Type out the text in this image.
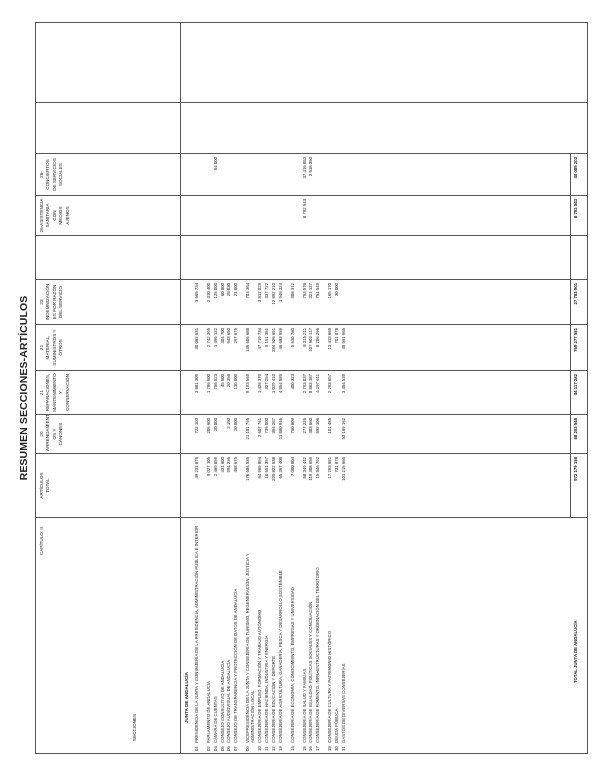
RESUMEN SECCIONES-ARTÍCULOS
CAPÍTULO: II
SECCIONES
ARTÍCULOS TOTAL
20 ARRENDAMIENT OS Y CÁNONES
21 REPARACIONES, MANTENIMIENTO Y CONSERVACIÓN
22 MATERIAL, SUMINISTROS Y OTROS
23 INDEMNIZACIÓN ES POR RAZÓN DEL SERVICIO
25-ASISTENCIA SANITARIA CON MEDIOS AJENOS
26-CONCIERTOS DE SERVICIOS SOCIALES
JUNTA DE ANDALUCÍA
01
PRESIDENCIA DE LA JUNTA Y CONSEJERÍA DE LA PRESIDENCIA, ADMINISTRACIÓN PÚBLICA E INTERIOR
39 231 876
722 103
3 881 309
30 062 531
3 565 734
02
PARLAMENTO DE ANDALUCÍA
9 027 105
206 600
1 786 500
2 742 395
2 310 400
04
CÁMARA DE CUENTAS
2 469 859
20 000
756 523
1 496 122
125 000
54 000
05
CONSEJO CONSULTIVO DE ANDALUCÍA
431 600
45 500
304 700
60 800
06
CONSEJO AUDIOVISUAL DE ANDALUCÍA
994 236
2 150
20 356
943 650
28 030
07
CONSEJO DE TRANSPARENCIA Y PROTECCIÓN DE DATOS DE ANDALUCÍA
468 675
20 000
130 000
297 675
21 000
09
VICEPRESIDENCIA DE LA JUNTA Y CONSEJERÍA DE TURISMO, REGENERACIÓN, JUSTICIA Y ADMINISTRACIÓN LOCAL
178 684 536
21 181 795
9 193 569
139 606 688
703 364
10
CONSEJERÍA DE EMPLEO, FORMACIÓN Y TRABAJO AUTÓNOMO
64 965 894
2 607 761
1 426 370
47 719 734
3 812 029
11
CONSEJERÍA DE HACIENDA, INDUSTRIA Y ENERGÍA
10 551 357
735 000
327 254
9 151 381
337 722
12
CONSEJERÍA DE EDUCACIÓN Y DEPORTE
299 822 538
354 267
1 029 410
284 526 651
12 892 210
13
CONSEJERÍA DE AGRICULTURA, GANADERÍA, PESCA Y DESARROLLO SOSTENIBLE
65 367 408
11 880 946
4 854 589
46 683 559
1 948 324
14
CONSEJERÍA DE ECONOMÍA, CONOCIMIENTO, EMPRESAS Y UNIVERSIDAD
7 000 804
760 809
400 323
5 530 780
308 312
15
CONSEJERÍA DE SALUD Y FAMILIAS
58 349 442
277 226
2 793 037
8 315 211
753 576
8 792 543
37 416 853
16
CONSEJERÍA DE IGUALDAD, POLÍTICAS SOCIALES Y CONCILIACIÓN
119 308 659
303 660
8 863 187
107 502 117
321 127
2 618 350
17
CONSEJERÍA DE FOMENTO, INFRAESTRUCTURAS Y ORDENACIÓN DEL TERRITORIO
15 846 762
692 106
4 197 611
8 206 296
751 549
18
CONSEJERÍA DE CULTURA Y PATRIMONIO HISTÓRICO
17 293 681
101 485
2 293 657
13 413 669
165 170
30
DEUDA PÚBLICA
731 878
701 878
30 000
31
GASTOS DE DIVERSAS CONSEJERÍAS
101 215 666
52 169 162
3 454 539
45 591 965
TOTAL JUNTA DE ANDALUCÍA
972 179 158
88 203 548
44 117 282
769 277 581
27 783 901
8 792 543
40 089 203
